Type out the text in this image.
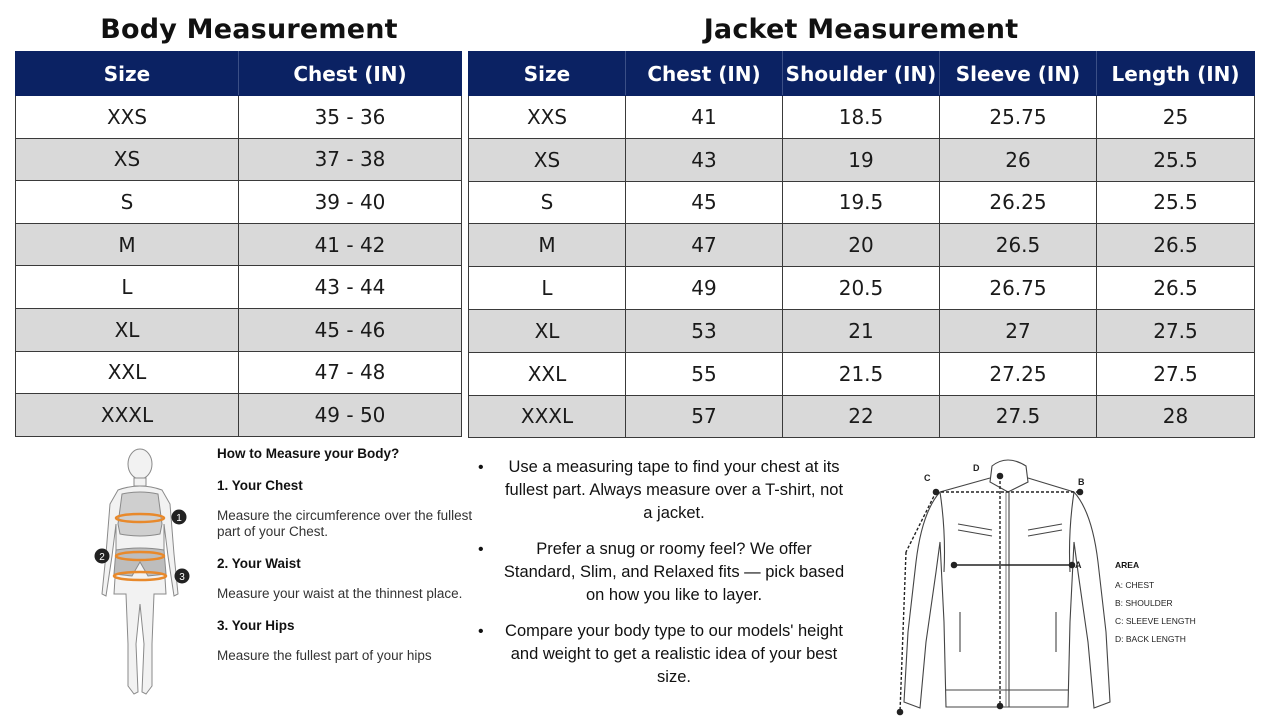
Body Measurement	Jacket Measurement
Size	Chest (IN)
XXS	35 - 36
XS	37 - 38
S	39 - 40
M	41 - 42
L	43 - 44
XL	45 - 46
XXL	47 - 48
XXXL	49 - 50
Size	Chest (IN)	Shoulder (IN)	Sleeve (IN)	Length (IN)
XXS	41	18.5	25.75	25
XS	43	19	26	25.5
S	45	19.5	26.25	25.5
M	47	20	26.5	26.5
L	49	20.5	26.75	26.5
XL	53	21	27	27.5
XXL	55	21.5	27.25	27.5
XXXL	57	22	27.5	28
1
2
3
How to Measure your Body?
1. Your Chest
Measure the circumference over the fullest part of your Chest.
2. Your Waist
Measure your waist at the thinnest place.
3. Your Hips
Measure the fullest part of your hips
• Use a measuring tape to find your chest at its fullest part. Always measure over a T-shirt, not a jacket.
•	Prefer a snug or roomy feel? We offer Standard, Slim, and Relaxed fits — pick based on how you like to layer.
• Compare your body type to our models' height and weight to get a realistic idea of your best size.
C
D
B
A	AREA
A: CHEST
B: SHOULDER
C: SLEEVE LENGTH
D: BACK LENGTH
